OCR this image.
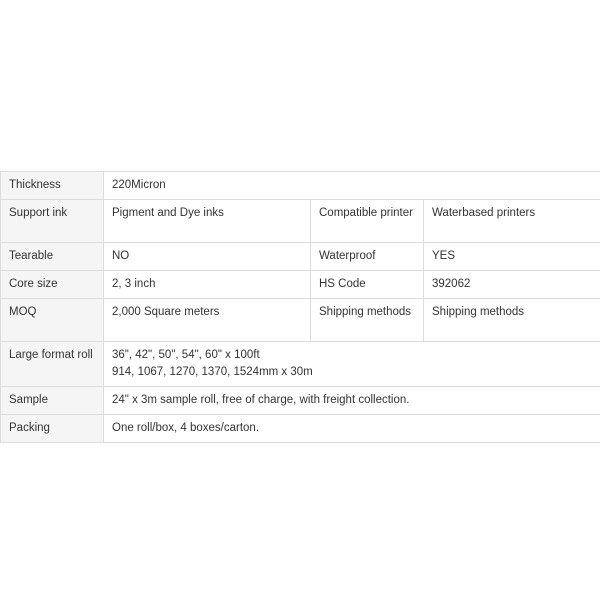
Thickness	220Micron		
Support ink	Pigment and Dye inks	Compatible printer	Waterbased printers
Tearable	NO	Waterproof	YES
Core size	2, 3 inch	HS Code	392062
MOQ	2,000 Square meters	Shipping methods	Shipping methods
Large format roll	36", 42", 50", 54", 60" x 100ft
914, 1067, 1270, 1370, 1524mm x 30m		

Sample	24" x 3m sample roll, free of charge, with freight collection.		
Packing	One roll/box, 4 boxes/carton.		
